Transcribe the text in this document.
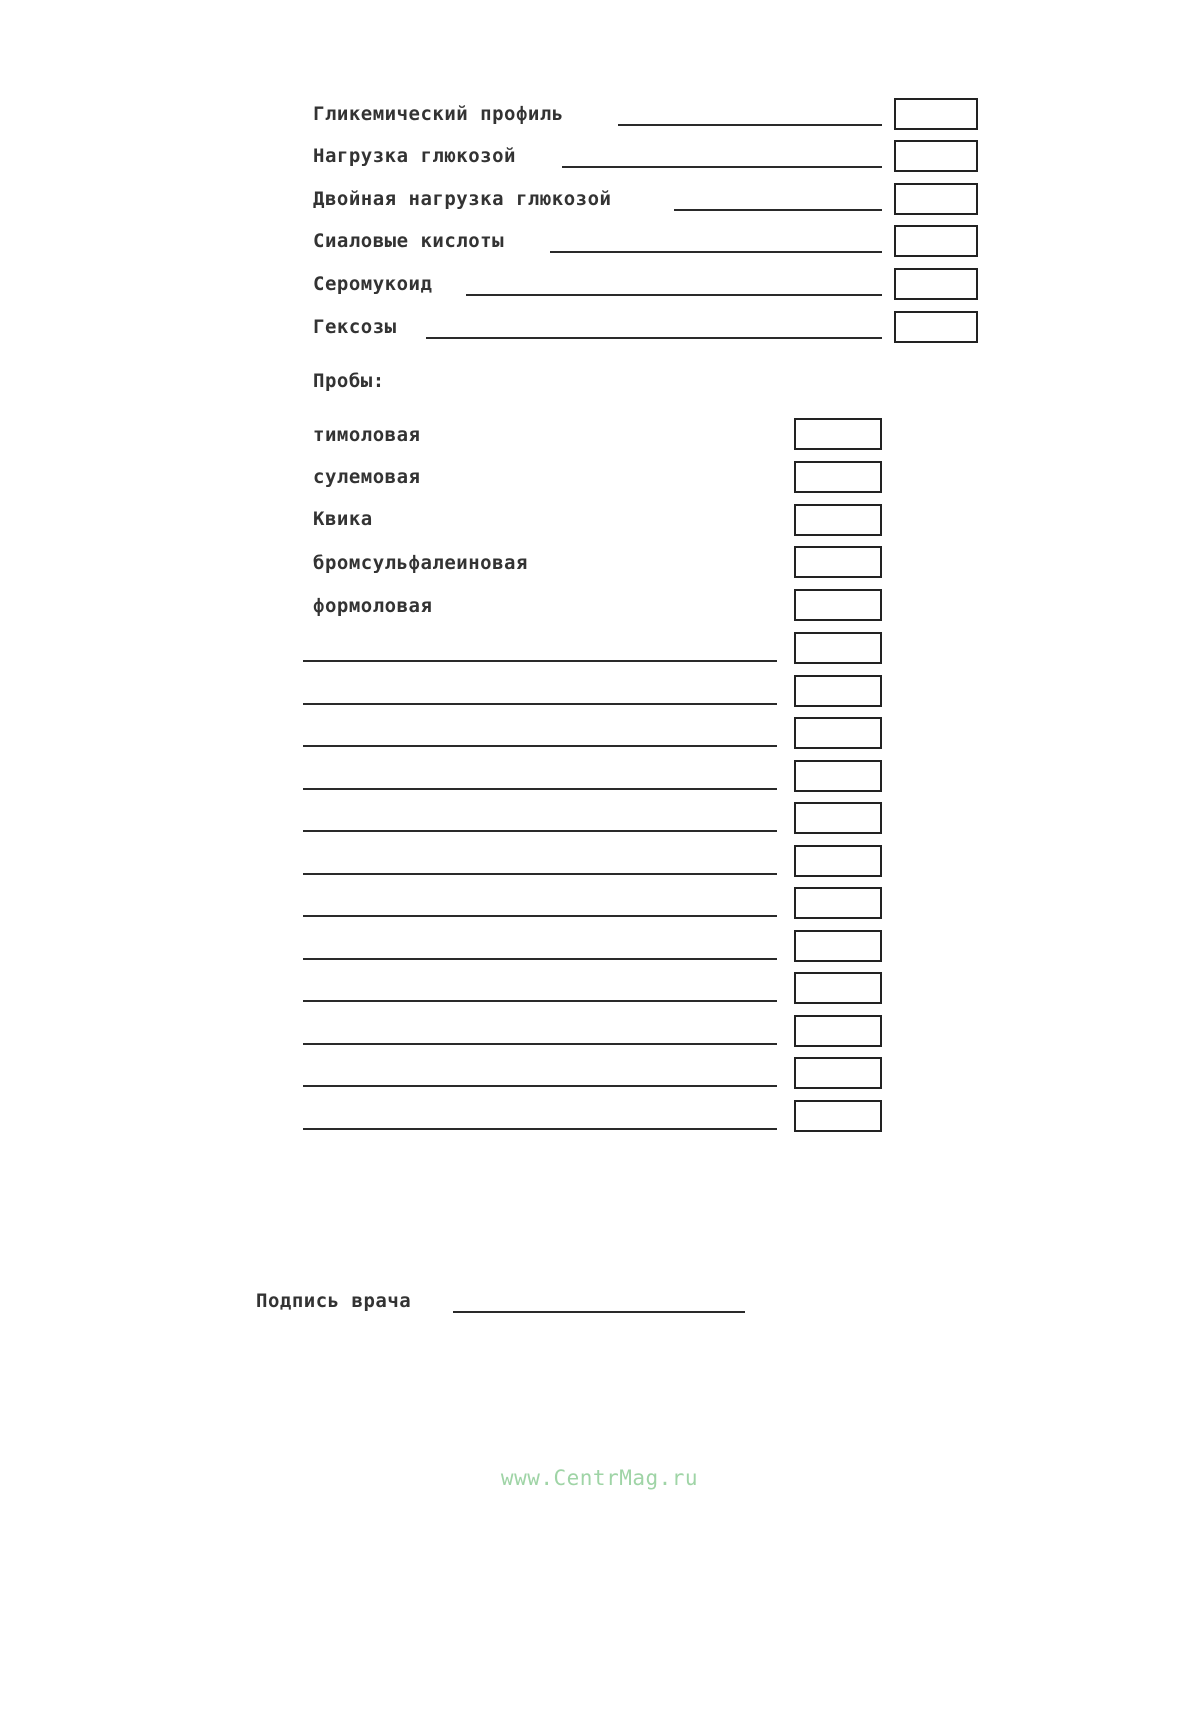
Гликемический профиль
Нагрузка глюкозой
Двойная нагрузка глюкозой
Сиаловые кислоты
Серомукоид
Гексозы
Пробы:
тимоловая
сулемовая
Квика
бромсульфалеиновая
формоловая
Подпись врача
www.CentrMag.ru
